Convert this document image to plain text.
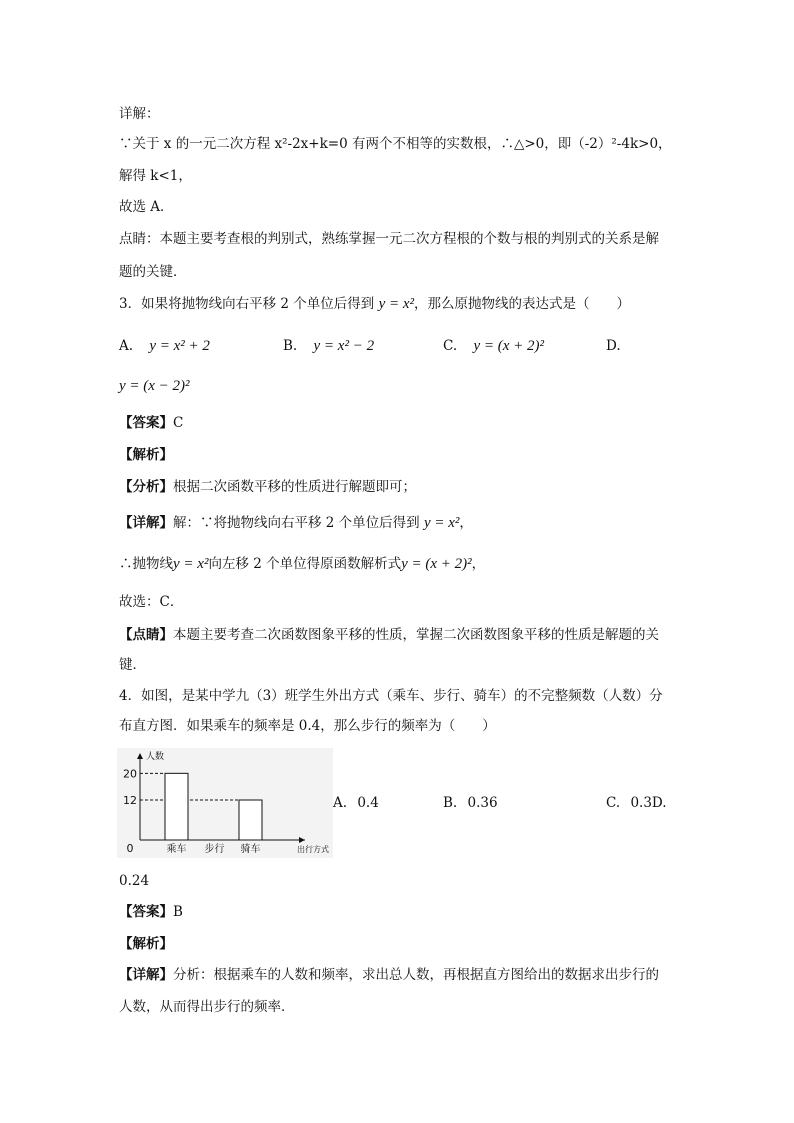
详解：
∵关于 x 的一元二次方程 x²-2x+k=0 有两个不相等的实数根，∴△>0，即（-2）²-4k>0，
解得 k<1，
故选 A．
点睛：本题主要考查根的判别式，熟练掌握一元二次方程根的个数与根的判别式的关系是解
题的关键．
3．如果将抛物线向右平移 2 个单位后得到 y = x²，那么原抛物线的表达式是（　　）
A. y = x² + 2	B. y = x² − 2	C. y = (x + 2)²	D.
y = (x − 2)²
【答案】C
【解析】
【分析】根据二次函数平移的性质进行解题即可；
【详解】解：∵将抛物线向右平移 2 个单位后得到 y = x²，
∴抛物线y = x²向左移 2 个单位得原函数解析式y = (x + 2)²，
故选：C．
【点睛】本题主要考查二次函数图象平移的性质，掌握二次函数图象平移的性质是解题的关
键．
4．如图，是某中学九（3）班学生外出方式（乘车、步行、骑车）的不完整频数（人数）分
布直方图．如果乘车的频率是 0.4，那么步行的频率为（　　）
乘车 步行 骑车
12
20
0
人数
出行方式
A. 0.4	B. 0.36	C. 0.3D.
0.24
【答案】B
【解析】
【详解】分析：根据乘车的人数和频率，求出总人数，再根据直方图给出的数据求出步行的
人数，从而得出步行的频率．
